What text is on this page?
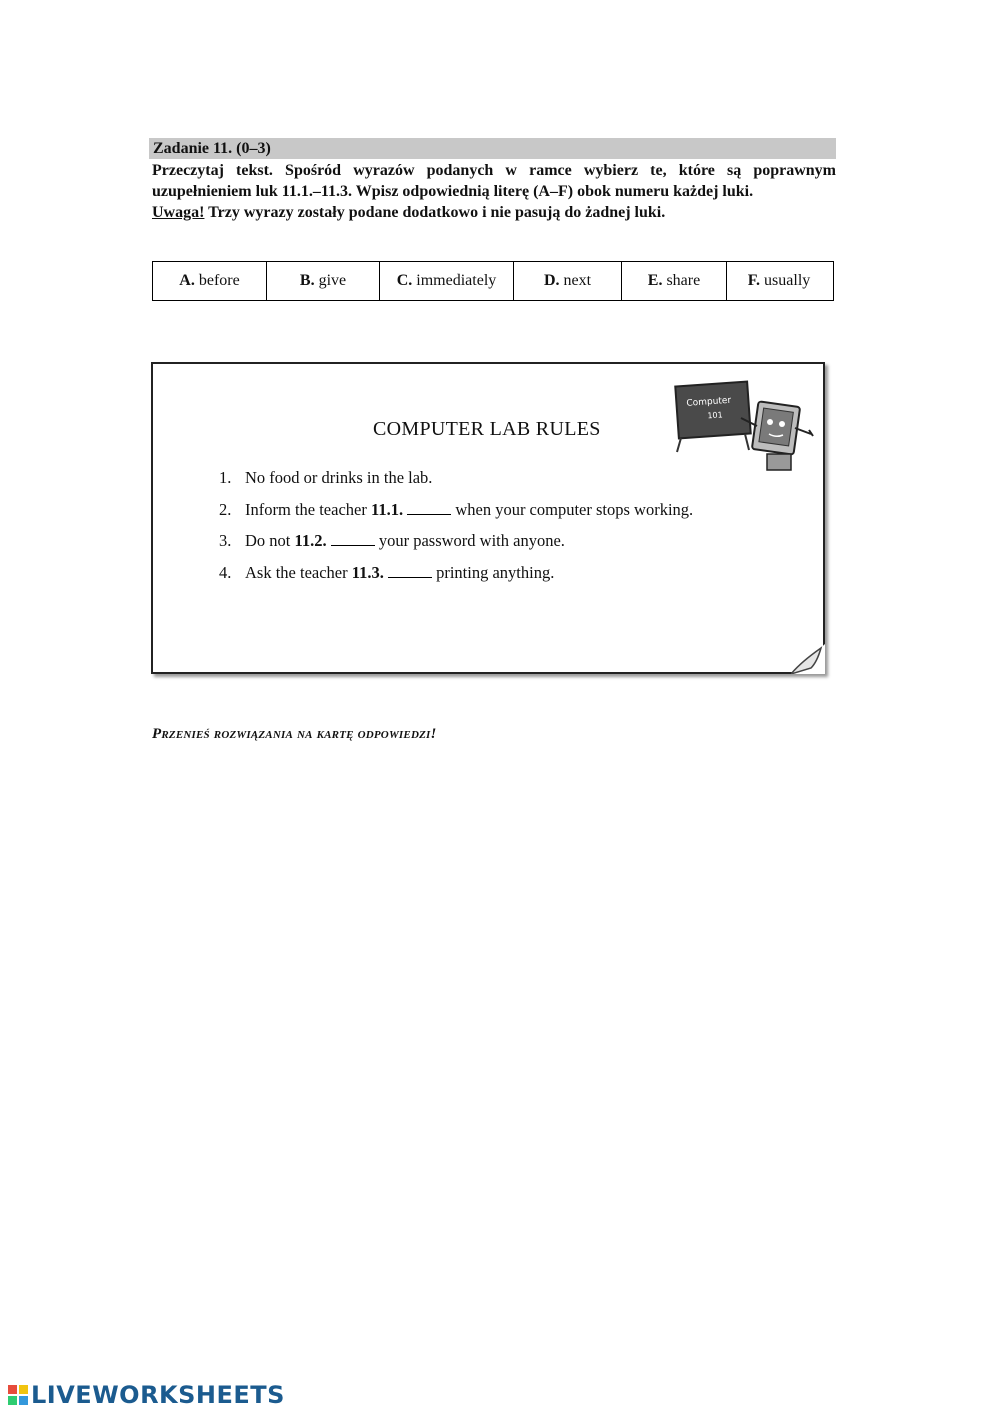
Zadanie 11. (0–3)

Przeczytaj tekst. Spośród wyrazów podanych w ramce wybierz te, które są poprawnym uzupełnieniem luk 11.1.–11.3. Wpisz odpowiednią literę (A–F) obok numeru każdej luki.

Uwaga! Trzy wyrazy zostały podane dodatkowo i nie pasują do żadnej luki.

A. before	B. give	C. immediately	D. next	E. share	F. usually
Computer
101
COMPUTER LAB RULES
1. No food or drinks in the lab.
2. Inform the teacher 11.1.	when your computer stops working.
3. Do not 11.2.	your password with anyone.
4. Ask the teacher 11.3.	printing anything.
Przenieś rozwiązania na kartę odpowiedzi!
LIVEWORKSHEETS
